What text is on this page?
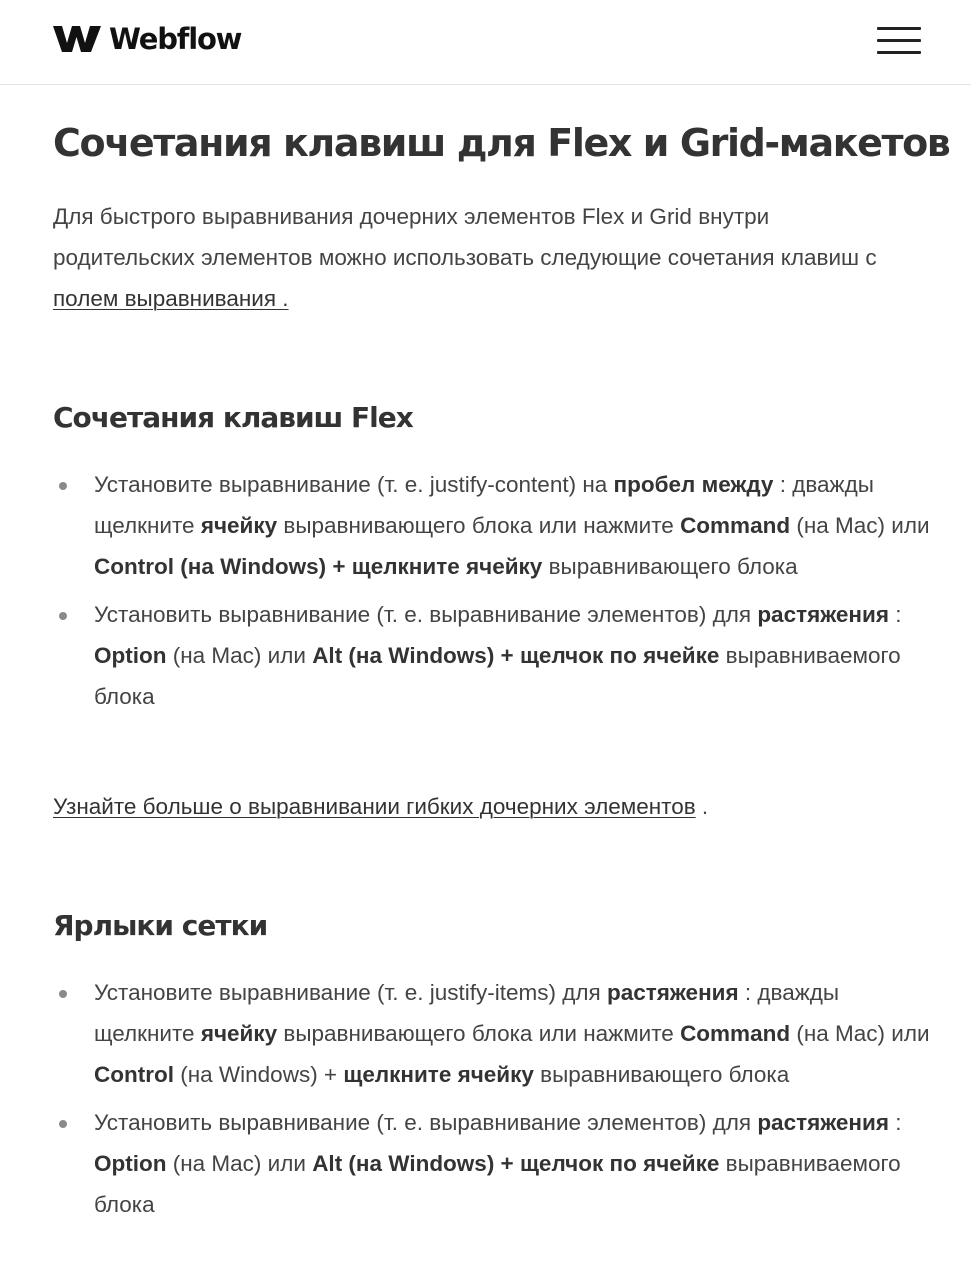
Webflow
Сочетания клавиш для Flex и Grid-макетов

Для быстрого выравнивания дочерних элементов Flex и Grid внутри родительских элементов можно использовать следующие сочетания клавиш с полем выравнивания .

Сочетания клавиш Flex
Установите выравнивание (т. е. justify-content) на пробел между : дважды щелкните ячейку выравнивающего блока или нажмите Command (на Mac) или Control (на Windows) + щелкните ячейку выравнивающего блока
Установить выравнивание (т. е. выравнивание элементов) для растяжения : Option (на Mac) или Alt (на Windows) + щелчок по ячейке выравниваемого блока

Узнайте больше о выравнивании гибких дочерних элементов .

Ярлыки сетки
Установите выравнивание (т. е. justify-items) для растяжения : дважды щелкните ячейку выравнивающего блока или нажмите Command (на Mac) или Control (на Windows) + щелкните ячейку выравнивающего блока
Установить выравнивание (т. е. выравнивание элементов) для растяжения : Option (на Mac) или Alt (на Windows) + щелчок по ячейке выравниваемого блока
